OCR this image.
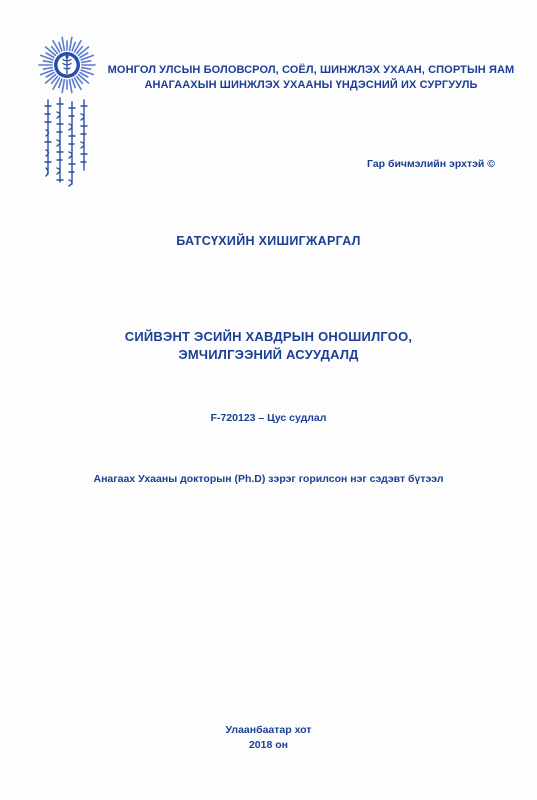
МОНГОЛ УЛСЫН БОЛОВСРОЛ, СОЁЛ, ШИНЖЛЭХ УХААН, СПОРТЫН ЯАМ
АНАГААХЫН ШИНЖЛЭХ УХААНЫ ҮНДЭСНИЙ ИХ СУРГУУЛЬ
Гар бичмэлийн эрхтэй ©
БАТСҮХИЙН ХИШИГЖАРГАЛ
СИЙВЭНТ ЭСИЙН ХАВДРЫН ОНОШИЛГОО,
ЭМЧИЛГЭЭНИЙ АСУУДАЛД
F-720123 – Цус судлал
Анагаах Ухааны докторын (Ph.D) зэрэг горилсон нэг сэдэвт бүтээл
Улаанбаатар хот
2018 он
